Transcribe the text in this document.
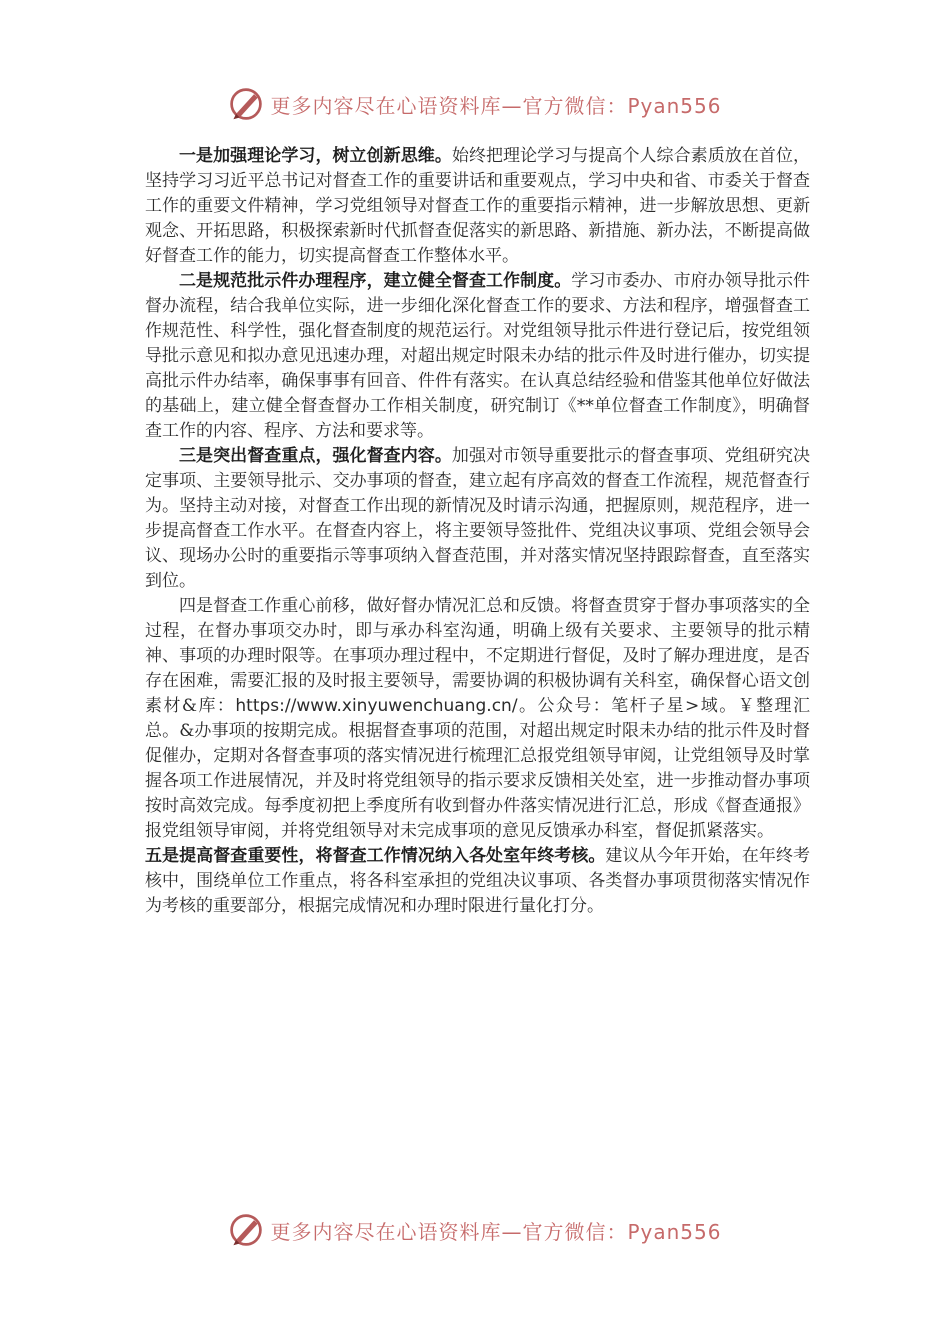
更多内容尽在心语资料库—官方微信：Pyan556

一是加强理论学习，树立创新思维。始终把理论学习与提高个人综合素质放在首位，坚持学习习近平总书记对督查工作的重要讲话和重要观点，学习中央和省、市委关于督查工作的重要文件精神，学习党组领导对督查工作的重要指示精神，进一步解放思想、更新观念、开拓思路，积极探索新时代抓督查促落实的新思路、新措施、新办法，不断提高做好督查工作的能力，切实提高督查工作整体水平。

二是规范批示件办理程序，建立健全督查工作制度。学习市委办、市府办领导批示件督办流程，结合我单位实际，进一步细化深化督查工作的要求、方法和程序，增强督查工作规范性、科学性，强化督查制度的规范运行。对党组领导批示件进行登记后，按党组领导批示意见和拟办意见迅速办理，对超出规定时限未办结的批示件及时进行催办，切实提高批示件办结率，确保事事有回音、件件有落实。在认真总结经验和借鉴其他单位好做法的基础上，建立健全督查督办工作相关制度，研究制订《**单位督查工作制度》，明确督查工作的内容、程序、方法和要求等。

三是突出督查重点，强化督查内容。加强对市领导重要批示的督查事项、党组研究决定事项、主要领导批示、交办事项的督查，建立起有序高效的督查工作流程，规范督查行为。坚持主动对接，对督查工作出现的新情况及时请示沟通，把握原则，规范程序，进一步提高督查工作水平。在督查内容上，将主要领导签批件、党组决议事项、党组会领导会议、现场办公时的重要指示等事项纳入督查范围，并对落实情况坚持跟踪督查，直至落实到位。

四是督查工作重心前移，做好督办情况汇总和反馈。将督查贯穿于督办事项落实的全过程，在督办事项交办时，即与承办科室沟通，明确上级有关要求、主要领导的批示精神、事项的办理时限等。在事项办理过程中，不定期进行督促，及时了解办理进度，是否存在困难，需要汇报的及时报主要领导，需要协调的积极协调有关科室，确保督心语文创素材&库：https://www.xinyuwenchuang.cn/。公众号：笔杆子星>域。￥整理汇总。&办事项的按期完成。根据督查事项的范围，对超出规定时限未办结的批示件及时督促催办，定期对各督查事项的落实情况进行梳理汇总报党组领导审阅，让党组领导及时掌握各项工作进展情况，并及时将党组领导的指示要求反馈相关处室，进一步推动督办事项按时高效完成。每季度初把上季度所有收到督办件落实情况进行汇总，形成《督查通报》报党组领导审阅，并将党组领导对未完成事项的意见反馈承办科室，督促抓紧落实。

五是提高督查重要性，将督查工作情况纳入各处室年终考核。建议从今年开始，在年终考核中，围绕单位工作重点，将各科室承担的党组决议事项、各类督办事项贯彻落实情况作为考核的重要部分，根据完成情况和办理时限进行量化打分。

更多内容尽在心语资料库—官方微信：Pyan556
